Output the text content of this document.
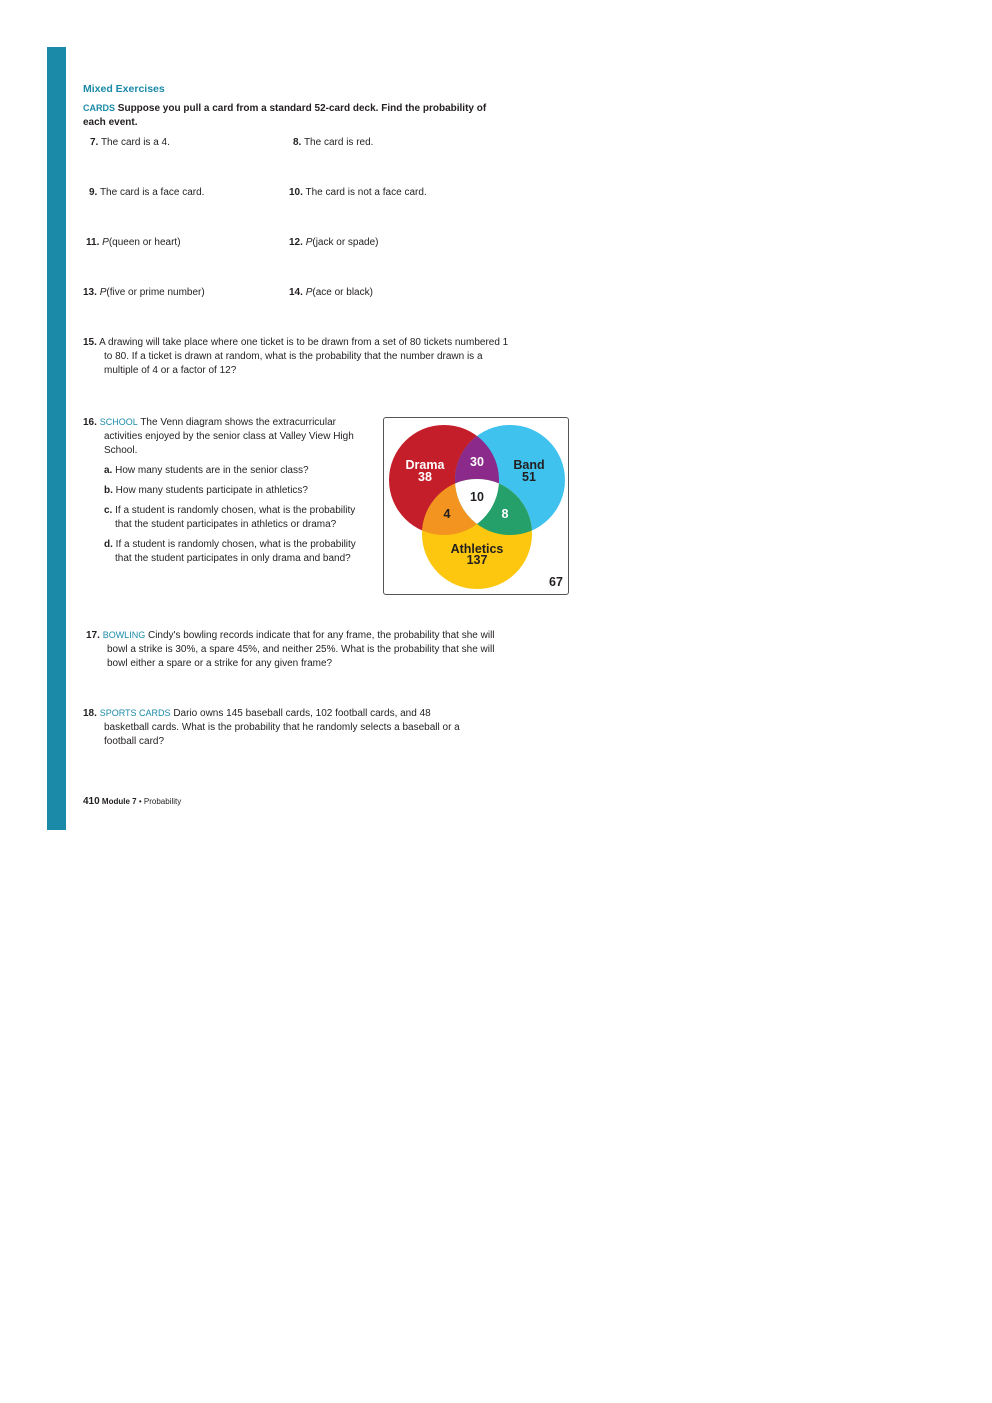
Mixed Exercises
CARDS Suppose you pull a card from a standard 52-card deck. Find the probability of each event.
7. The card is a 4.	8. The card is red.
9. The card is a face card.	10. The card is not a face card.
11. P(queen or heart)	12. P(jack or spade)
13. P(five or prime number)	14. P(ace or black)
15. A drawing will take place where one ticket is to be drawn from a set of 80 tickets numbered 1 to 80. If a ticket is drawn at random, what is the probability that the number drawn is a multiple of 4 or a factor of 12?
16. SCHOOL The Venn diagram shows the extracurricular activities enjoyed by the senior class at Valley View High School.
a. How many students are in the senior class?
b. How many students participate in athletics?
c. If a student is randomly chosen, what is the probability that the student participates in athletics or drama?
d. If a student is randomly chosen, what is the probability that the student participates in only drama and band?
Drama
38
Band
51
30
10
4	8
Athletics
137
67
17. BOWLING Cindy's bowling records indicate that for any frame, the probability that she will bowl a strike is 30%, a spare 45%, and neither 25%. What is the probability that she will bowl either a spare or a strike for any given frame?
18. SPORTS CARDS Dario owns 145 baseball cards, 102 football cards, and 48 basketball cards. What is the probability that he randomly selects a baseball or a football card?
410 Module 7 • Probability
